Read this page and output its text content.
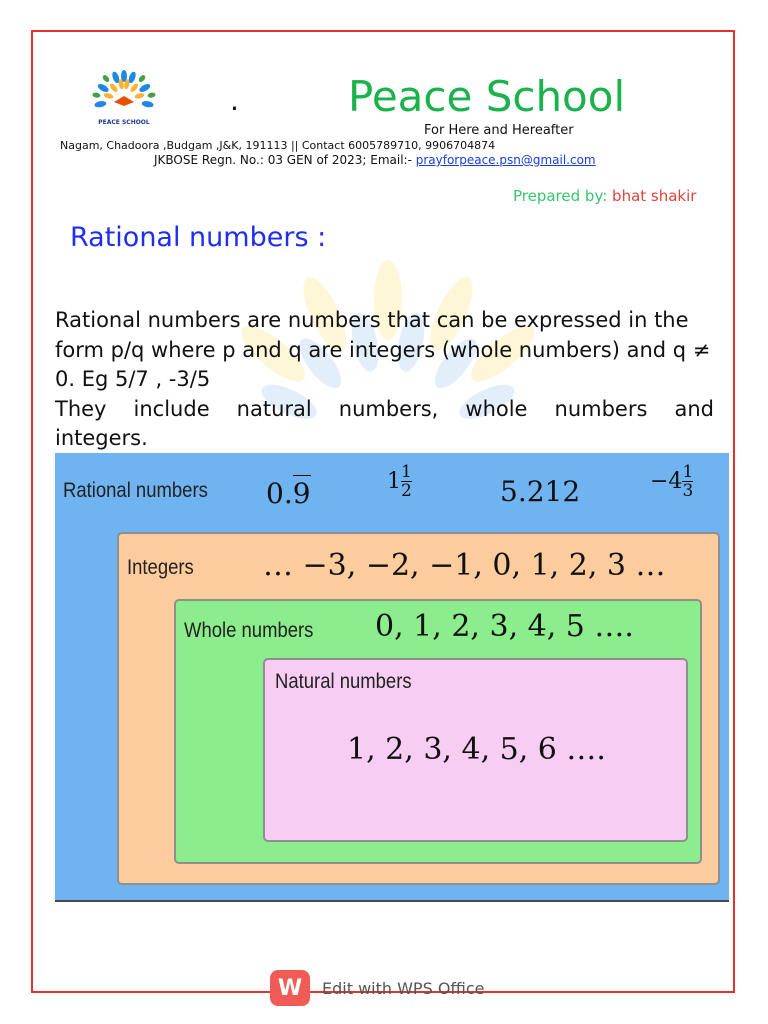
PEACE SCHOOL
.	Peace School
For Here and Hereafter
Nagam, Chadoora ,Budgam ,J&K, 191113 || Contact 6005789710, 9906704874
JKBOSE Regn. No.: 03 GEN of 2023; Email:- prayforpeace.psn@gmail.com
Prepared by: bhat shakir
Rational numbers :

Rational numbers are numbers that can be expressed in the form p/q where p and q are integers (whole numbers) and q ≠ 0. Eg 5/7 , -3/5

They include natural numbers, whole numbers and

integers.

Rational numbers 0.9	$1 \frac{1}{2}$	5.212	$-4 \frac{1}{3}$
Integers … −3, −2, −1, 0, 1, 2, 3 …
Whole numbers 0, 1, 2, 3, 4, 5 ….
Natural numbers
1, 2, 3, 4, 5, 6 ….
W	Edit with WPS Office
